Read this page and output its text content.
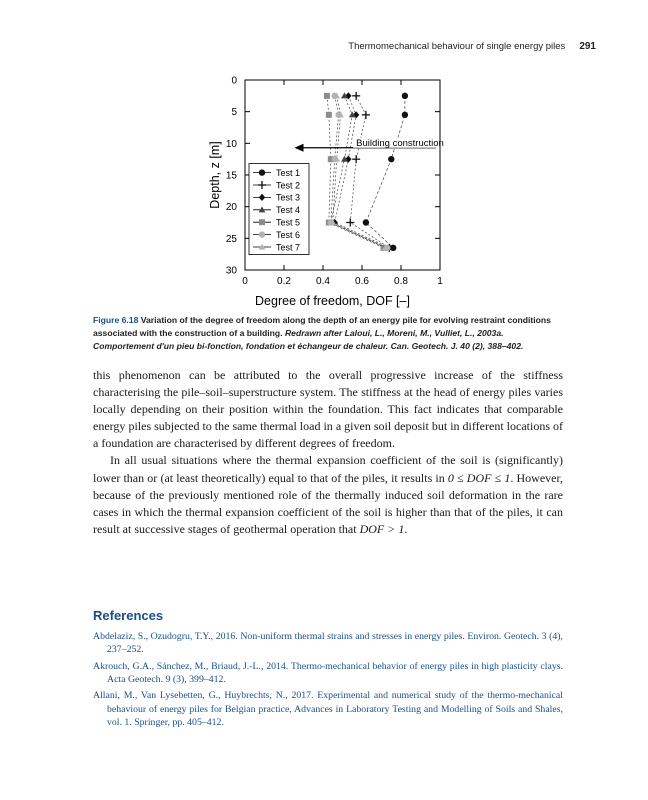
Thermomechanical behaviour of single energy piles 291
0
5
10
15
20
25
30
0	0.2	0.4	0.6	0.8	1
Degree of freedom, DOF [–]
Depth, z [m]	Building construction
Test 1
Test 2
Test 3
Test 4
Test 5
Test 6
Test 7
Figure 6.18 Variation of the degree of freedom along the depth of an energy pile for evolving restraint conditions associated with the construction of a building. Redrawn after Laloui, L., Moreni, M., Vulliet, L., 2003a. Comportement d'un pieu bi-fonction, fondation et échangeur de chaleur. Can. Geotech. J. 40 (2), 388–402.

this phenomenon can be attributed to the overall progressive increase of the stiffness characterising the pile–soil–superstructure system. The stiffness at the head of energy piles varies locally depending on their position within the foundation. This fact indicates that comparable energy piles subjected to the same thermal load in a given soil deposit but in different locations of a foundation are characterised by different degrees of freedom.

In all usual situations where the thermal expansion coefficient of the soil is (significantly) lower than or (at least theoretically) equal to that of the piles, it results in 0 ≤ DOF ≤ 1. However, because of the previously mentioned role of the thermally induced soil deformation in the rare cases in which the thermal expansion coefficient of the soil is higher than that of the piles, it can result at successive stages of geothermal operation that DOF > 1.

References
Abdelaziz, S., Ozudogru, T.Y., 2016. Non-uniform thermal strains and stresses in energy piles. Environ. Geotech. 3 (4), 237–252.
Akrouch, G.A., Sánchez, M., Briaud, J.-L., 2014. Thermo-mechanical behavior of energy piles in high plasticity clays. Acta Geotech. 9 (3), 399–412.
Allani, M., Van Lysebetten, G., Huybrechts, N., 2017. Experimental and numerical study of the thermo-mechanical behaviour of energy piles for Belgian practice, Advances in Laboratory Testing and Modelling of Soils and Shales, vol. 1. Springer, pp. 405–412.
